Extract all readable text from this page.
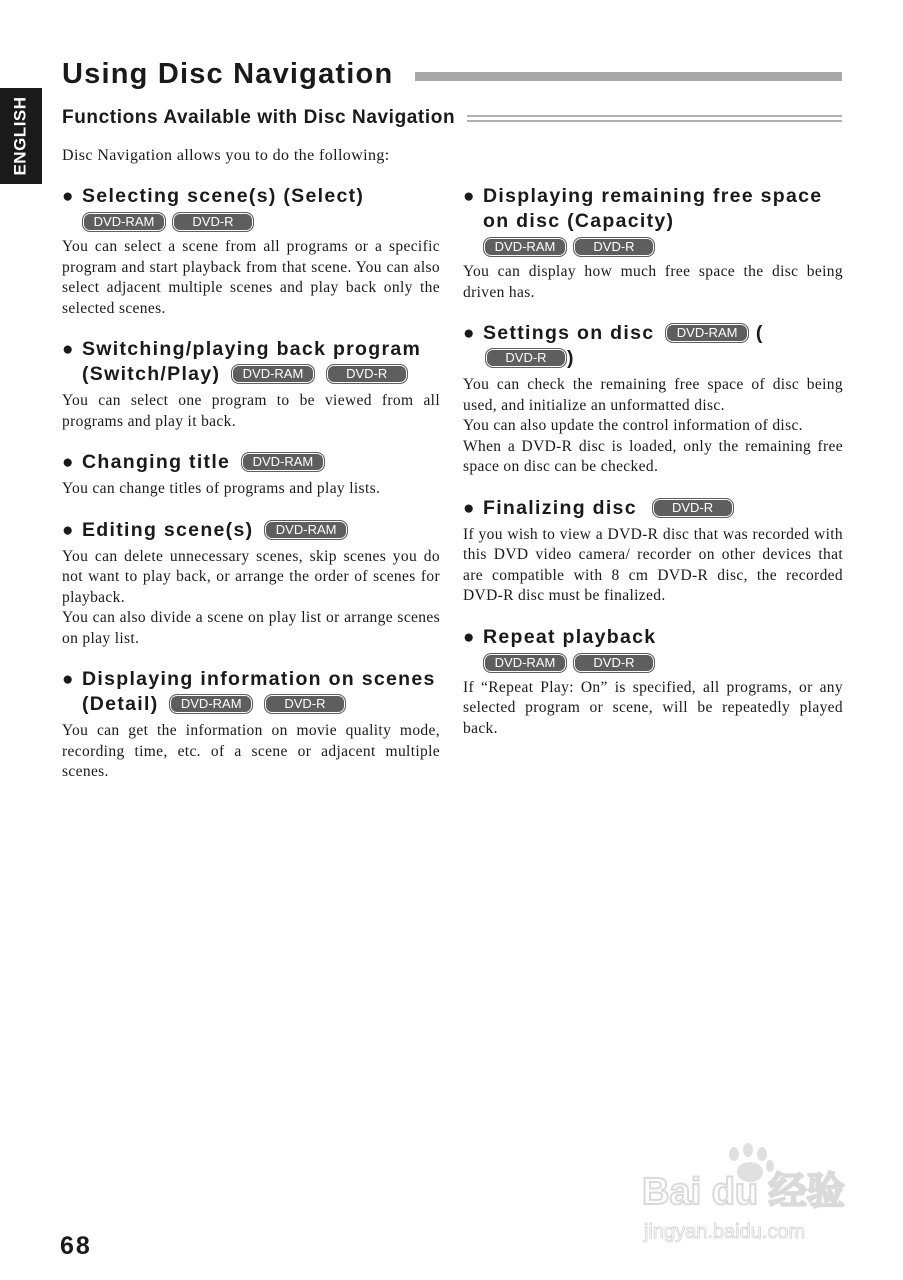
ENGLISH
Using Disc Navigation
Functions Available with Disc Navigation

Disc Navigation allows you to do the following:

● Selecting scene(s) (Select)
DVD-RAM	DVD-R

You can select a scene from all programs or a specific program and start playback from that scene. You can also select adjacent multiple scenes and play back only the selected scenes.

● Switching/playing back program
(Switch/Play) DVD-RAM	DVD-R

You can select one program to be viewed from all programs and play it back.

● Changing title DVD-RAM

You can change titles of programs and play lists.

● Editing scene(s) DVD-RAM

You can delete unnecessary scenes, skip scenes you do not want to play back, or arrange the order of scenes for playback.

You can also divide a scene on play list or arrange scenes on play list.

● Displaying information on scenes
(Detail) DVD-RAM	DVD-R

You can get the information on movie quality mode, recording time, etc. of a scene or adjacent multiple scenes.

● Displaying remaining free space
on disc (Capacity)
DVD-RAM	DVD-R

You can display how much free space the disc being driven has.

● Settings on disc DVD-RAM (DVD-R )

You can check the remaining free space of disc being used, and initialize an unformatted disc.

You can also update the control information of disc.

When a DVD-R disc is loaded, only the remaining free space on disc can be checked.

● Finalizing disc	DVD-R

If you wish to view a DVD-R disc that was recorded with this DVD video camera/ recorder on other devices that are compatible with 8 cm DVD-R disc, the recorded DVD-R disc must be finalized.

● Repeat playback
DVD-RAM	DVD-R

If “Repeat Play: On” is specified, all programs, or any selected program or scene, will be repeatedly played back.

68
Bai du 经验
jingyan.baidu.com
